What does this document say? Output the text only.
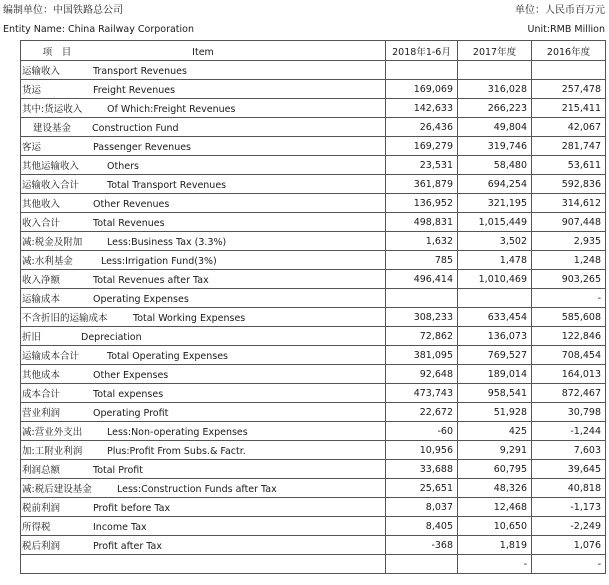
编制单位：中国铁路总公司	单位：人民币百万元
Entity Name: China Railway Corporation	Unit:RMB Million
项　目 Item	2018年1-6月	2017年度	2016年度
运输收入 Transport Revenues			
货运 Freight Revenues	169,069	316,028	257,478
其中:货运收入 Of Which:Freight Revenues	142,633	266,223	215,411
建设基金 Construction Fund	26,436	49,804	42,067
客运 Passenger Revenues	169,279	319,746	281,747
其他运输收入 Others	23,531	58,480	53,611
运输收入合计 Total Transport Revenues	361,879	694,254	592,836
其他收入 Other Revenues	136,952	321,195	314,612
收入合计 Total Revenues	498,831	1,015,449	907,448
减:税金及附加 Less:Business Tax (3.3%)	1,632	3,502	2,935
减:水利基金 Less:Irrigation Fund(3%)	785	1,478	1,248
收入净额 Total Revenues after Tax	496,414	1,010,469	903,265
运输成本 Operating Expenses			-
不含折旧的运输成本 Total Working Expenses	308,233	633,454	585,608
折旧 Depreciation	72,862	136,073	122,846
运输成本合计 Total Operating Expenses	381,095	769,527	708,454
其他成本 Other Expenses	92,648	189,014	164,013
成本合计 Total expenses	473,743	958,541	872,467
营业利润 Operating Profit	22,672	51,928	30,798
减:营业外支出 Less:Non-operating Expenses	-60	425	-1,244
加:工附业利润 Plus:Profit From Subs.& Factr.	10,956	9,291	7,603
利润总额 Total Profit	33,688	60,795	39,645
减:税后建设基金 Less:Construction Funds after Tax	25,651	48,326	40,818
税前利润 Profit before Tax	8,037	12,468	-1,173
所得税 Income Tax	8,405	10,650	-2,249
税后利润 Profit after Tax	-368	1,819	1,076
		-	-
